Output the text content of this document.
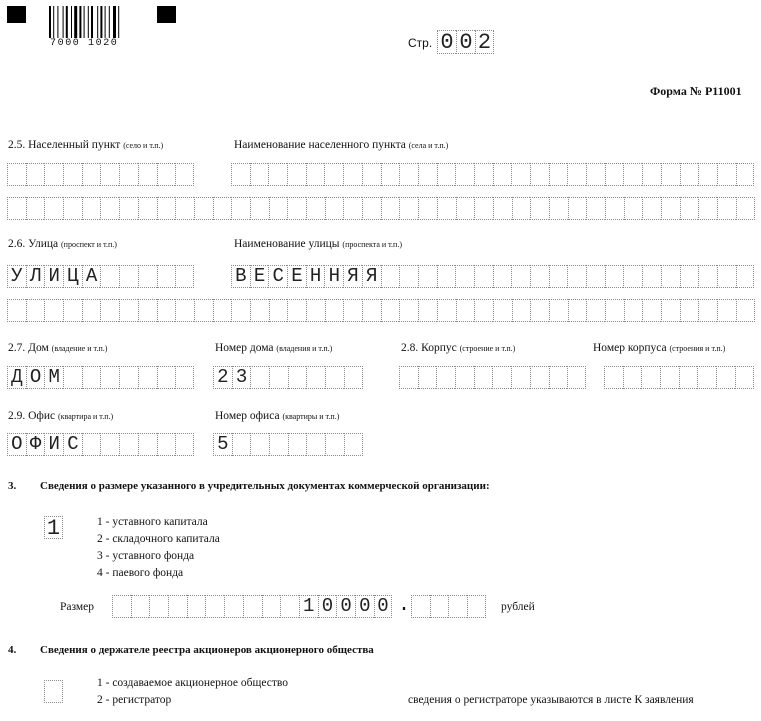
7000 1020	Стр. 0 0 2
Форма № Р11001
2.5. Населенный пункт (село и т.п.)	Наименование населенного пункта (села и т.п.)
2.6. Улица (проспект и т.п.)	Наименование улицы (проспекта и т.п.)
У Л И Ц А	В Е С Е Н Н Я Я
2.7. Дом (владение и т.п.)	Номер дома (владения и т.п.)	2.8. Корпус (строение и т.п.)	Номер корпуса (строения и т.п.)
Д О М	2 3
2.9. Офис (квартира и т.п.)	Номер офиса (квартиры и т.п.)
О Ф И С	5
3. Сведения о размере указанного в учредительных документах коммерческой организации:
1	1 - уставного капитала
2 - складочного капитала
3 - уставного фонда
4 - паевого фонда
Размер	1 0 0 0 0 .	рублей
4. Сведения о держателе реестра акционеров акционерного общества
1 - создаваемое акционерное общество
2 - регистратор	сведения о регистраторе указываются в листе К заявления
